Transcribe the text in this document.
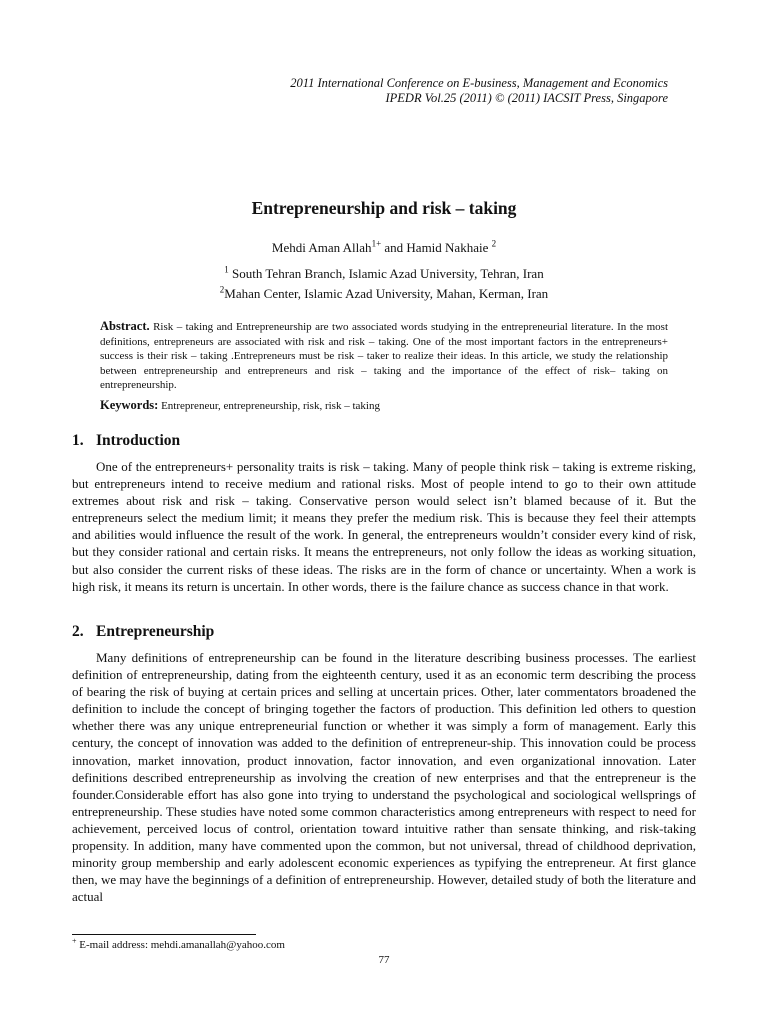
2011 International Conference on E-business, Management and Economics
IPEDR Vol.25 (2011) © (2011) IACSIT Press, Singapore
Entrepreneurship and risk – taking
Mehdi Aman Allah$^{1+}$ and Hamid Nakhaie $^2$
$^1$ South Tehran Branch, Islamic Azad University, Tehran, Iran
$^2$Mahan Center, Islamic Azad University, Mahan, Kerman, Iran
Abstract. Risk – taking and Entrepreneurship are two associated words studying in the entrepreneurial literature. In the most definitions, entrepreneurs are associated with risk and risk – taking. One of the most important factors in the entrepreneurs+ success is their risk – taking .Entrepreneurs must be risk – taker to realize their ideas. In this article, we study the relationship between entrepreneurship and entrepreneurs and risk – taking and the importance of the effect of risk– taking on entrepreneurship.
Keywords: Entrepreneur, entrepreneurship, risk, risk – taking
1. Introduction
One of the entrepreneurs+ personality traits is risk – taking. Many of people think risk – taking is extreme risking, but entrepreneurs intend to receive medium and rational risks. Most of people intend to go to their own attitude extremes about risk and risk – taking. Conservative person would select isn’t blamed because of it. But the entrepreneurs select the medium limit; it means they prefer the medium risk. This is because they feel their attempts and abilities would influence the result of the work. In general, the entrepreneurs wouldn’t consider every kind of risk, but they consider rational and certain risks. It means the entrepreneurs, not only follow the ideas as working situation, but also consider the current risks of these ideas. The risks are in the form of chance or uncertainty. When a work is high risk, it means its return is uncertain. In other words, there is the failure chance as success chance in that work.
2. Entrepreneurship
Many definitions of entrepreneurship can be found in the literature describing business processes. The earliest definition of entrepreneurship, dating from the eighteenth century, used it as an economic term describing the process of bearing the risk of buying at certain prices and selling at uncertain prices. Other, later commentators broadened the definition to include the concept of bringing together the factors of production. This definition led others to question whether there was any unique entrepreneurial function or whether it was simply a form of management. Early this century, the concept of innovation was added to the definition of entrepreneur-ship. This innovation could be process innovation, market innovation, product innovation, factor innovation, and even organizational innovation. Later definitions described entrepreneurship as involving the creation of new enterprises and that the entrepreneur is the founder.Considerable effort has also gone into trying to understand the psychological and sociological wellsprings of entrepreneurship. These studies have noted some common characteristics among entrepreneurs with respect to need for achievement, perceived locus of control, orientation toward intuitive rather than sensate thinking, and risk-taking propensity. In addition, many have commented upon the common, but not universal, thread of childhood deprivation, minority group membership and early adolescent economic experiences as typifying the entrepreneur. At first glance then, we may have the beginnings of a definition of entrepreneurship. However, detailed study of both the literature and actual
+ E-mail address: mehdi.amanallah@yahoo.com
77
